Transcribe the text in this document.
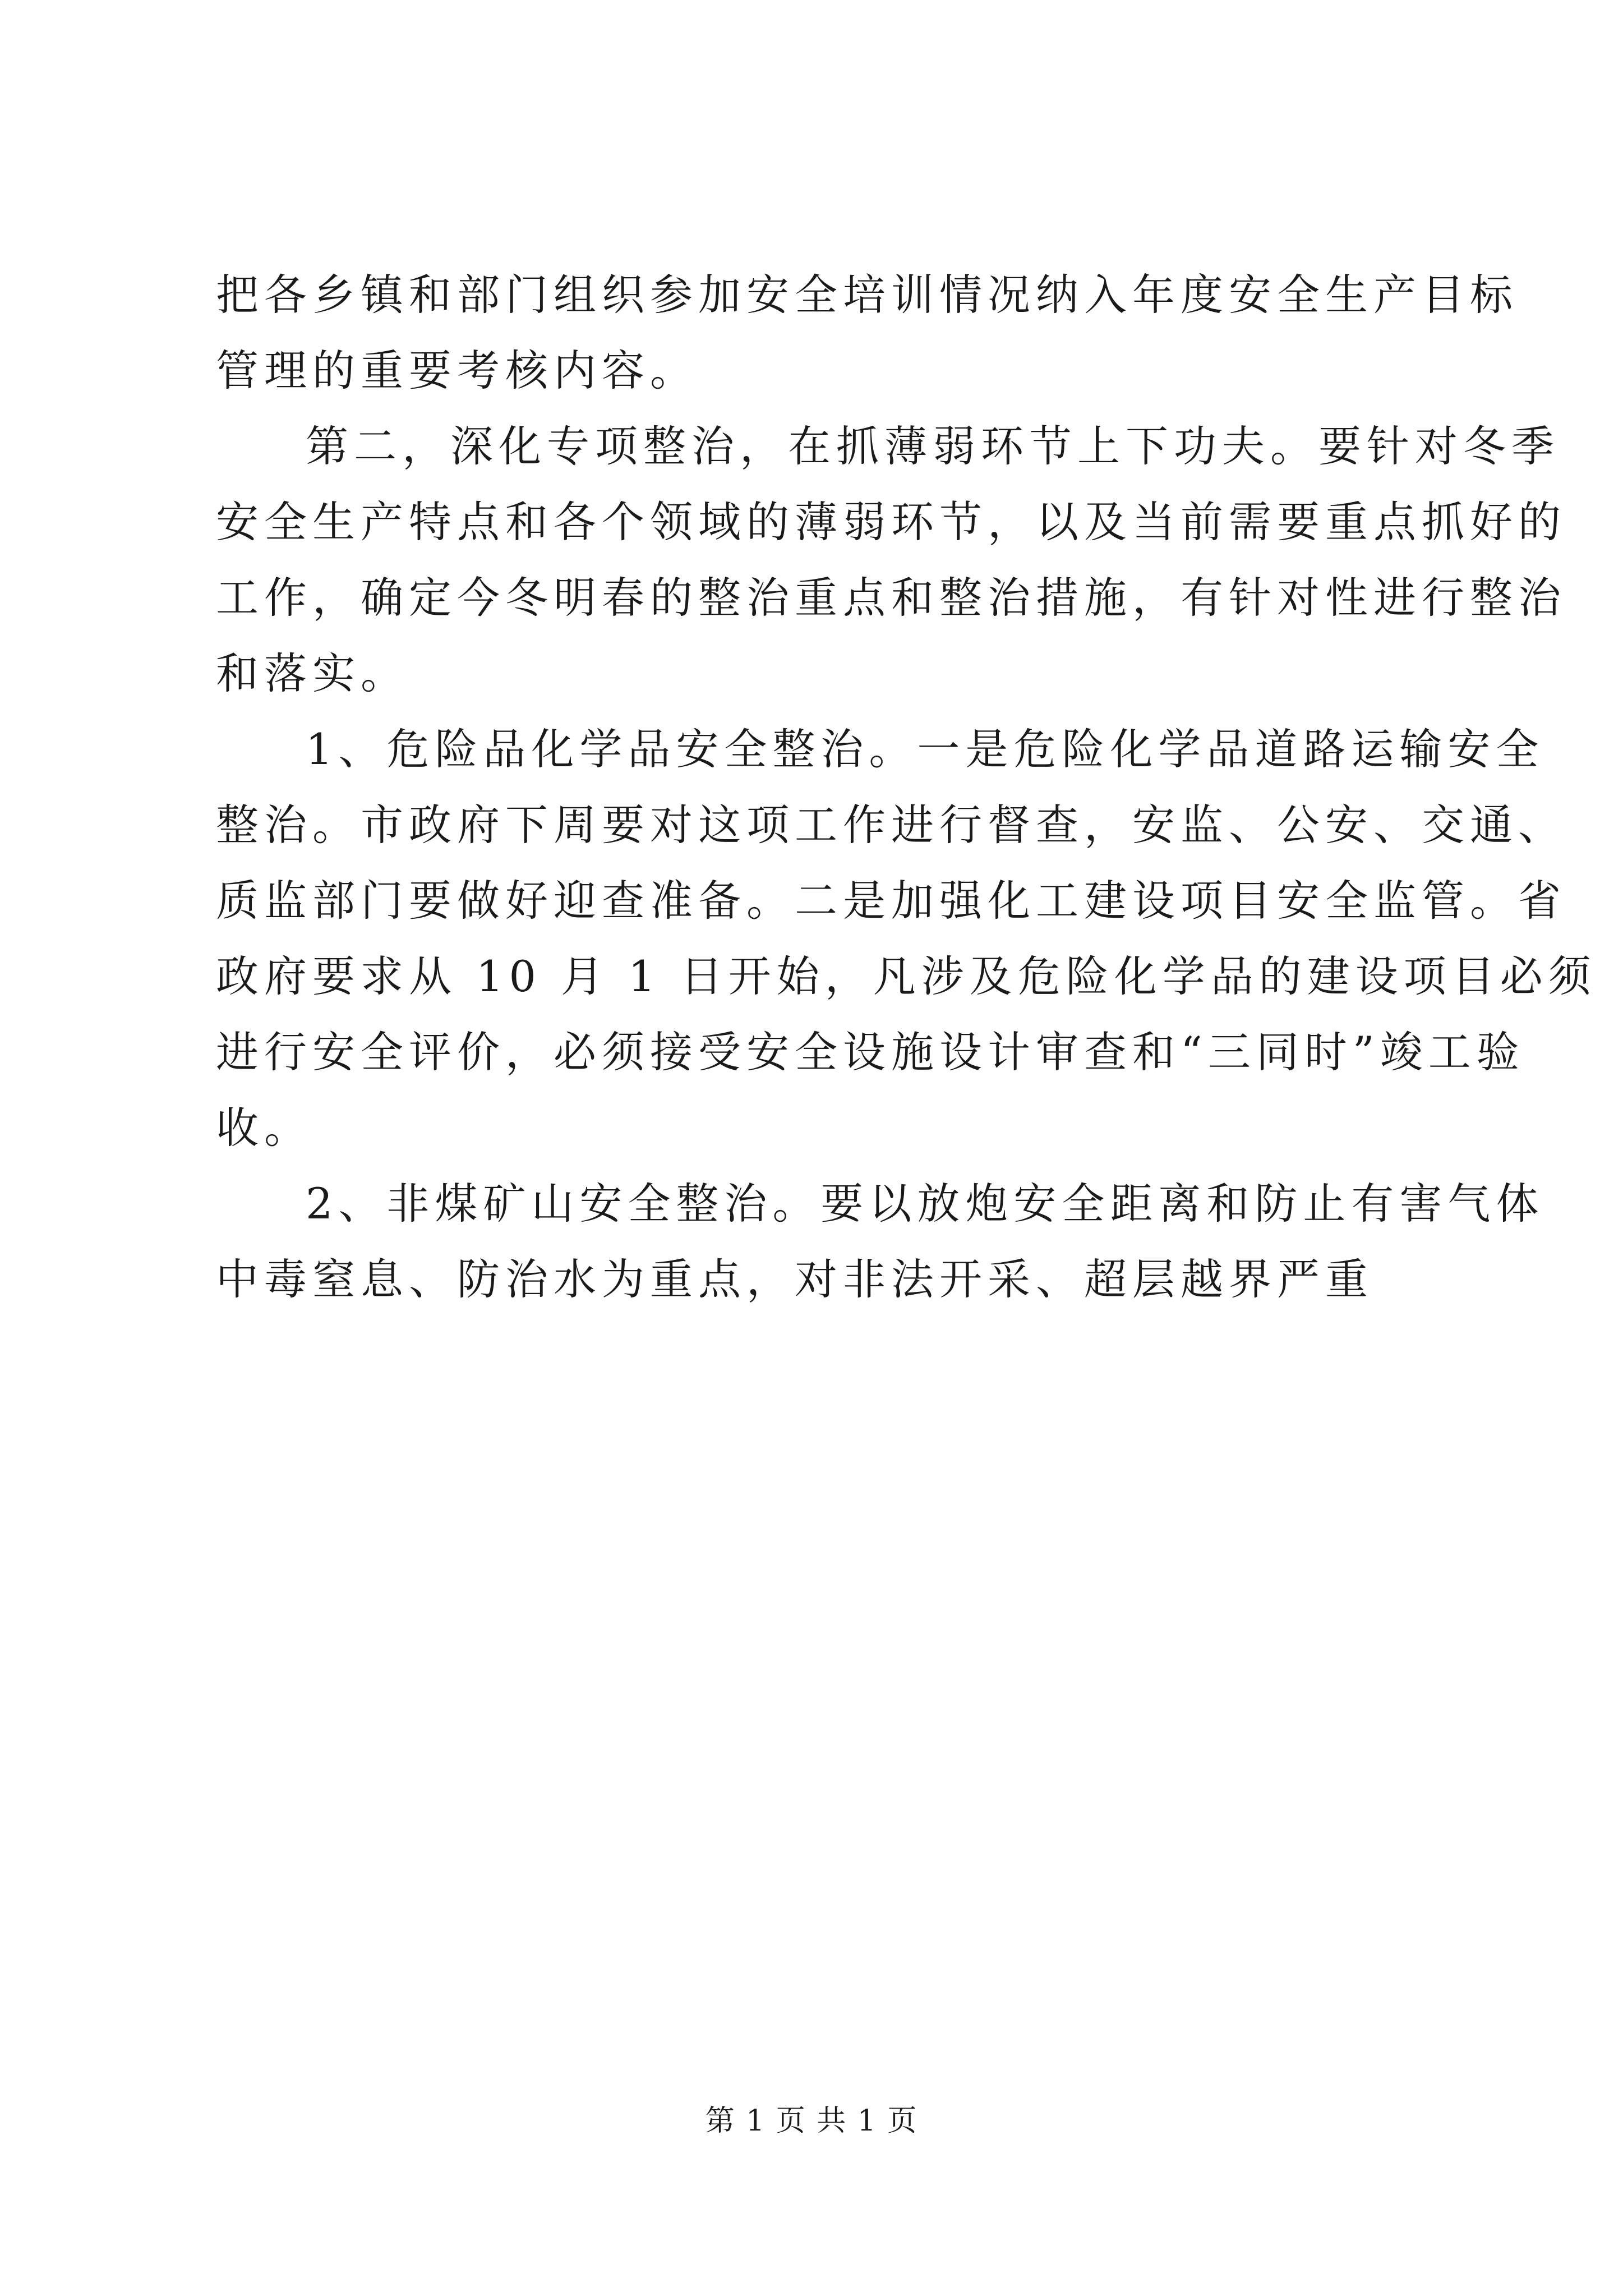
把各乡镇和部门组织参加安全培训情况纳入年度安全生产目标
管理的重要考核内容。
第二，深化专项整治，在抓薄弱环节上下功夫。要针对冬季
安全生产特点和各个领域的薄弱环节，以及当前需要重点抓好的
工作，确定今冬明春的整治重点和整治措施，有针对性进行整治
和落实。
1、危险品化学品安全整治。一是危险化学品道路运输安全
整治。市政府下周要对这项工作进行督查，安监、公安、交通、
质监部门要做好迎查准备。二是加强化工建设项目安全监管。省
政府要求从 10 月 1 日开始，凡涉及危险化学品的建设项目必须
进行安全评价，必须接受安全设施设计审查和“三同时”竣工验
收。
2、非煤矿山安全整治。要以放炮安全距离和防止有害气体
中毒窒息、防治水为重点，对非法开采、超层越界严重
第 1 页 共 1 页
